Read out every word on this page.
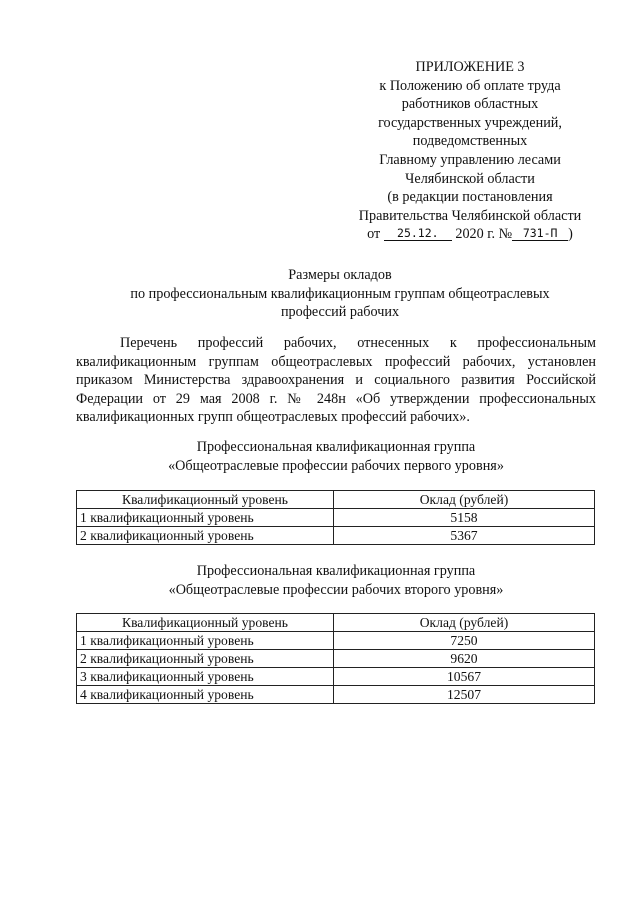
ПРИЛОЖЕНИЕ 3
к Положению об оплате труда
работников областных
государственных учреждений,
подведомственных
Главному управлению лесами
Челябинской области
(в редакции постановления
Правительства Челябинской области
от 25.12. 2020 г. № 731-П )
Размеры окладов
по профессиональным квалификационным группам общеотраслевых
профессий рабочих
Перечень профессий рабочих, отнесенных к профессиональным
квалификационным группам общеотраслевых профессий рабочих, установлен
приказом Министерства здравоохранения и социального развития Российской
Федерации от 29 мая 2008 г. № 248н «Об утверждении профессиональных
квалификационных групп общеотраслевых профессий рабочих».
Профессиональная квалификационная группа
«Общеотраслевые профессии рабочих первого уровня»
Квалификационный уровень	Оклад (рублей)
1 квалификационный уровень	5158
2 квалификационный уровень	5367
Профессиональная квалификационная группа
«Общеотраслевые профессии рабочих второго уровня»
Квалификационный уровень	Оклад (рублей)
1 квалификационный уровень	7250
2 квалификационный уровень	9620
3 квалификационный уровень	10567
4 квалификационный уровень	12507
